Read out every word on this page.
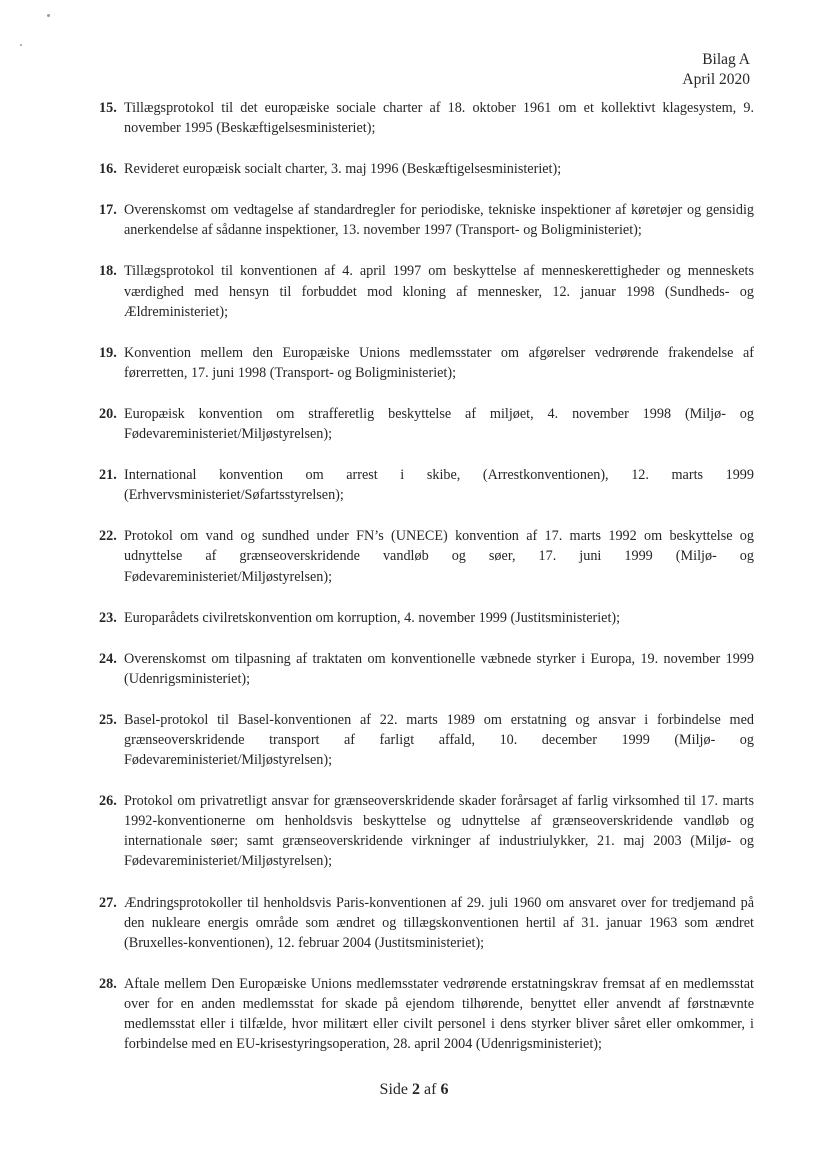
Bilag A
April 2020
15. Tillægsprotokol til det europæiske sociale charter af 18. oktober 1961 om et kollektivt klagesystem, 9. november 1995 (Beskæftigelsesministeriet);
16. Revideret europæisk socialt charter, 3. maj 1996 (Beskæftigelsesministeriet);
17. Overenskomst om vedtagelse af standardregler for periodiske, tekniske inspektioner af køretøjer og gensidig anerkendelse af sådanne inspektioner, 13. november 1997 (Transport- og Boligministeriet);
18. Tillægsprotokol til konventionen af 4. april 1997 om beskyttelse af menneskerettigheder og menneskets værdighed med hensyn til forbuddet mod kloning af mennesker, 12. januar 1998 (Sundheds- og Ældreministeriet);
19. Konvention mellem den Europæiske Unions medlemsstater om afgørelser vedrørende frakendelse af førerretten, 17. juni 1998 (Transport- og Boligministeriet);
20. Europæisk konvention om strafferetlig beskyttelse af miljøet, 4. november 1998 (Miljø- og Fødevareministeriet/Miljøstyrelsen);
21. International konvention om arrest i skibe, (Arrestkonventionen), 12. marts 1999 (Erhvervsministeriet/Søfartsstyrelsen);
22. Protokol om vand og sundhed under FN’s (UNECE) konvention af 17. marts 1992 om beskyttelse og udnyttelse af grænseoverskridende vandløb og søer, 17. juni 1999 (Miljø- og Fødevareministeriet/Miljøstyrelsen);
23. Europarådets civilretskonvention om korruption, 4. november 1999 (Justitsministeriet);
24. Overenskomst om tilpasning af traktaten om konventionelle væbnede styrker i Europa, 19. november 1999 (Udenrigsministeriet);
25. Basel-protokol til Basel-konventionen af 22. marts 1989 om erstatning og ansvar i forbindelse med grænseoverskridende transport af farligt affald, 10. december 1999 (Miljø- og Fødevareministeriet/Miljøstyrelsen);
26. Protokol om privatretligt ansvar for grænseoverskridende skader forårsaget af farlig virksomhed til 17. marts 1992-konventionerne om henholdsvis beskyttelse og udnyttelse af grænseoverskridende vandløb og internationale søer; samt grænseoverskridende virkninger af industriulykker, 21. maj 2003 (Miljø- og Fødevareministeriet/Miljøstyrelsen);
27. Ændringsprotokoller til henholdsvis Paris-konventionen af 29. juli 1960 om ansvaret over for tredjemand på den nukleare energis område som ændret og tillægskonventionen hertil af 31. januar 1963 som ændret (Bruxelles-konventionen), 12. februar 2004 (Justitsministeriet);
28. Aftale mellem Den Europæiske Unions medlemsstater vedrørende erstatningskrav fremsat af en medlemsstat over for en anden medlemsstat for skade på ejendom tilhørende, benyttet eller anvendt af førstnævnte medlemsstat eller i tilfælde, hvor militært eller civilt personel i dens styrker bliver såret eller omkommer, i forbindelse med en EU-krisestyringsoperation, 28. april 2004 (Udenrigsministeriet);
Side 2 af 6
